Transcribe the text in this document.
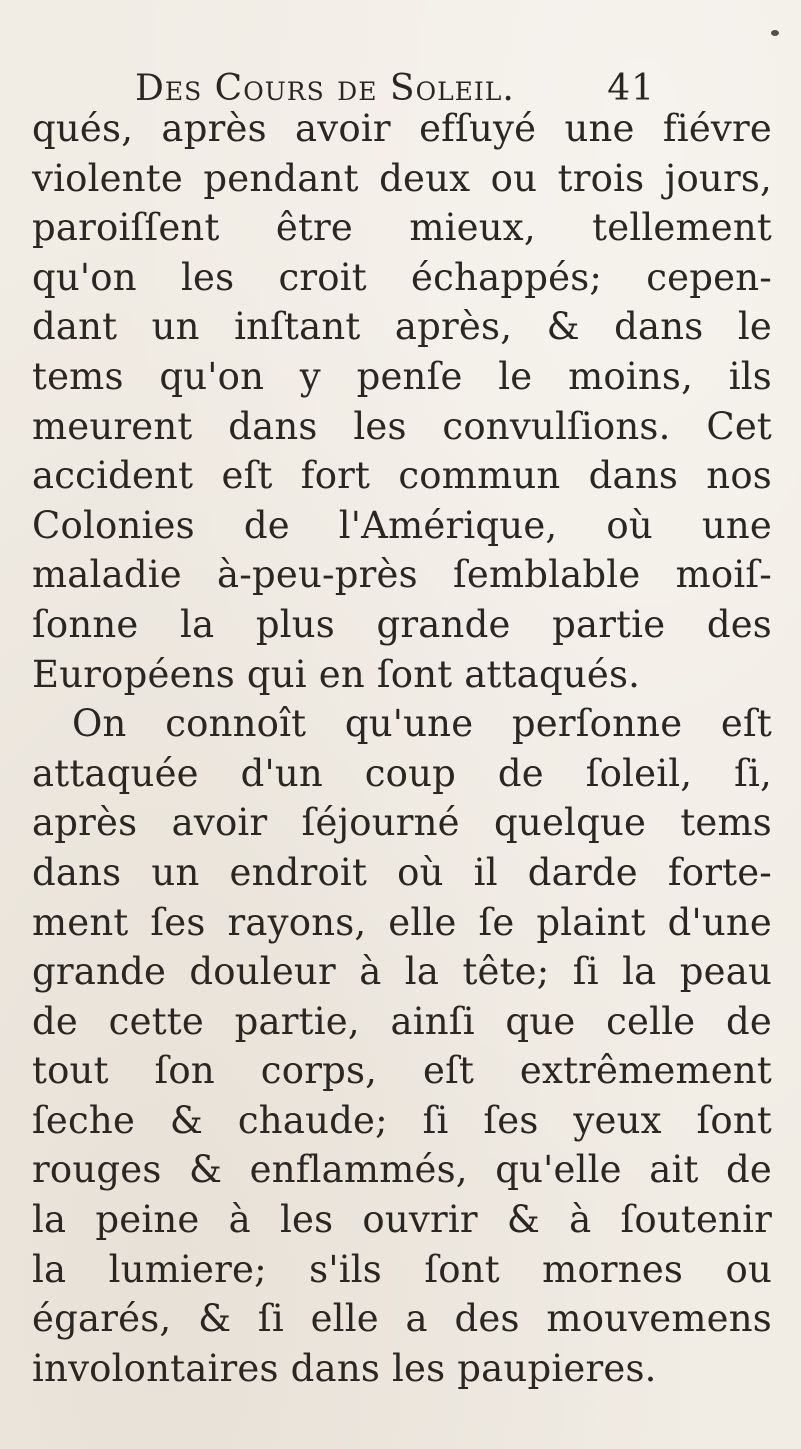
Des Cours de Soleil.	41
qués, après avoir efſuyé une fiévre
violente pendant deux ou trois jours,
paroiſſent être mieux, tellement
qu'on les croit échappés; cepen-
dant un inſtant après, & dans le
tems qu'on y penſe le moins, ils
meurent dans les convulſions. Cet
accident eſt fort commun dans nos
Colonies de l'Amérique, où une
maladie à-peu-près ſemblable moiſ-
ſonne la plus grande partie des
Européens qui en ſont attaqués.
On connoît qu'une perſonne eſt
attaquée d'un coup de ſoleil, ſi,
après avoir ſéjourné quelque tems
dans un endroit où il darde forte-
ment ſes rayons, elle ſe plaint d'une
grande douleur à la tête; ſi la peau
de cette partie, ainſi que celle de
tout ſon corps, eſt extrêmement
ſeche & chaude; ſi ſes yeux ſont
rouges & enflammés, qu'elle ait de
la peine à les ouvrir & à ſoutenir
la lumiere; s'ils ſont mornes ou
égarés, & ſi elle a des mouvemens
involontaires dans les paupieres.
